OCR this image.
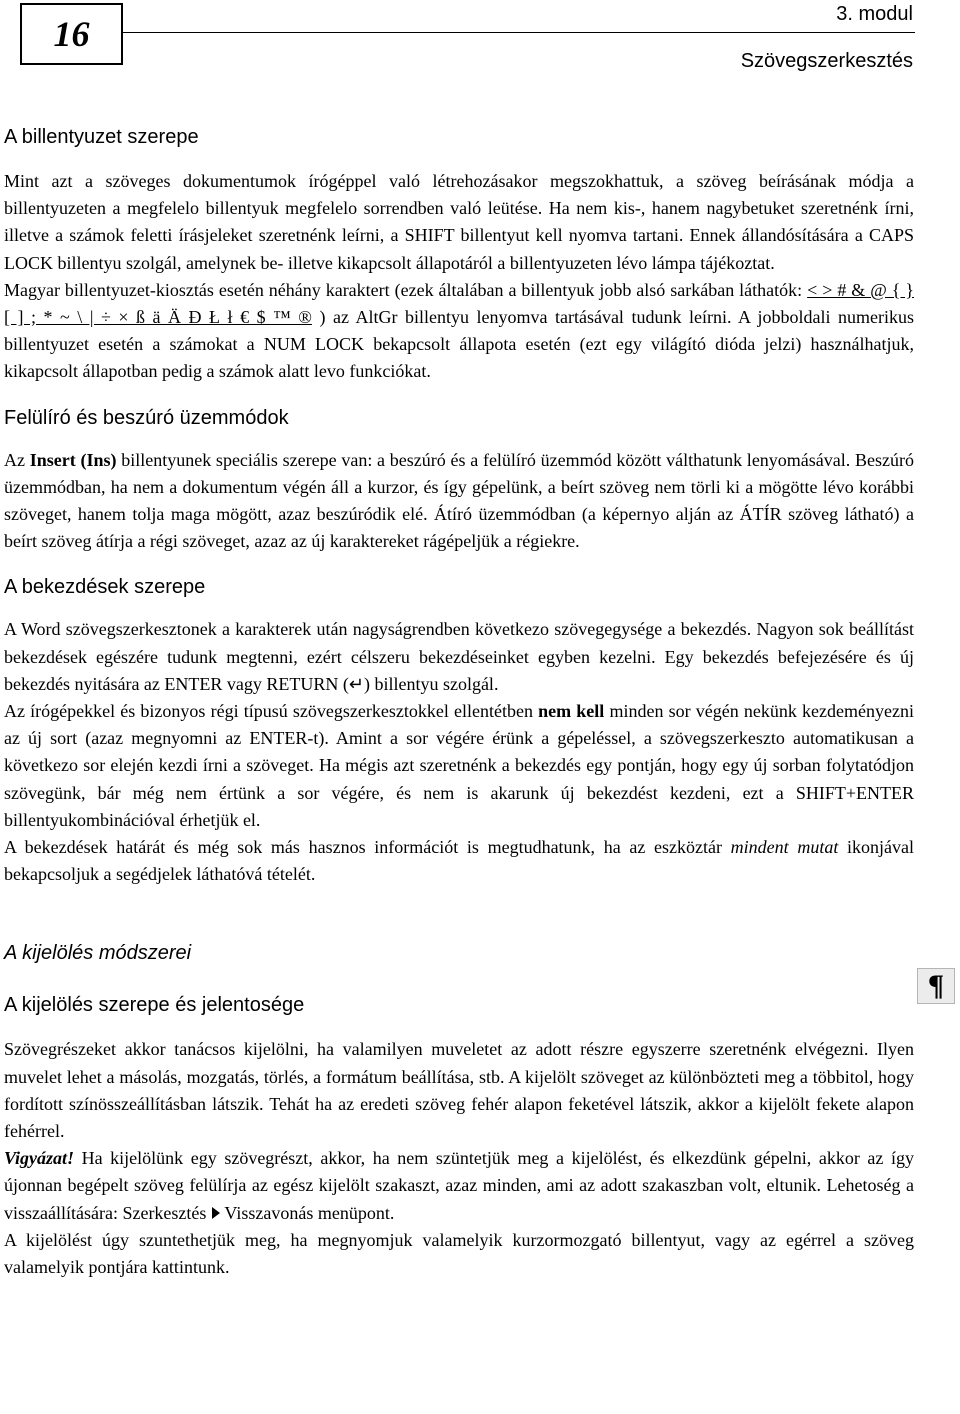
16	3. modul
Szövegszerkesztés
A billentyuzet szerepe

Mint azt a szöveges dokumentumok írógéppel való létrehozásakor megszokhattuk, a szöveg beírásának módja a billentyuzeten a megfelelo billentyuk megfelelo sorrendben való leütése. Ha nem kis-, hanem nagybetuket szeretnénk írni, illetve a számok feletti írásjeleket szeretnénk leírni, a SHIFT billentyut kell nyomva tartani. Ennek állandósítására a CAPS LOCK billentyu szolgál, amelynek be- illetve kikapcsolt állapotáról a billentyuzeten lévo lámpa tájékoztat.

Magyar billentyuzet-kiosztás esetén néhány karaktert (ezek általában a billentyuk jobb alsó sarkában láthatók: < > # & @ { } [ ] ; * ~ \ | ÷ × ß ä Ä Đ Ł ł € $ ™ ® ) az AltGr billentyu lenyomva tartásával tudunk leírni. A jobboldali numerikus billentyuzet esetén a számokat a NUM LOCK bekapcsolt állapota esetén (ezt egy világító dióda jelzi) használhatjuk, kikapcsolt állapotban pedig a számok alatt levo funkciókat.

Felülíró és beszúró üzemmódok

Az Insert (Ins) billentyunek speciális szerepe van: a beszúró és a felülíró üzemmód között válthatunk lenyomásával. Beszúró üzemmódban, ha nem a dokumentum végén áll a kurzor, és így gépelünk, a beírt szöveg nem törli ki a mögötte lévo korábbi szöveget, hanem tolja maga mögött, azaz beszúródik elé. Átíró üzemmódban (a képernyo alján az ÁTÍR szöveg látható) a beírt szöveg átírja a régi szöveget, azaz az új karaktereket rágépeljük a régiekre.

A bekezdések szerepe

A Word szövegszerkesztonek a karakterek után nagyságrendben következo szövegegysége a bekezdés. Nagyon sok beállítást bekezdések egészére tudunk megtenni, ezért célszeru bekezdéseinket egyben kezelni. Egy bekezdés befejezésére és új bekezdés nyitására az ENTER vagy RETURN (↵) billentyu szolgál.

Az írógépekkel és bizonyos régi típusú szövegszerkesztokkel ellentétben nem kell minden sor végén nekünk kezdeményezni az új sort (azaz megnyomni az ENTER-t). Amint a sor végére érünk a gépeléssel, a szövegszerkeszto automatikusan a következo sor elején kezdi írni a szöveget. Ha mégis azt szeretnénk a bekezdés egy pontján, hogy egy új sorban folytatódjon szövegünk, bár még nem értünk a sor végére, és nem is akarunk új bekezdést kezdeni, ezt a SHIFT+ENTER billentyukombinációval érhetjük el.

A bekezdések határát és még sok más hasznos információt is megtudhatunk, ha az eszköztár mindent mutat ikonjával bekapcsoljuk a segédjelek láthatóvá tételét.

A kijelölés módszerei
A kijelölés szerepe és jelentosége

Szövegrészeket akkor tanácsos kijelölni, ha valamilyen muveletet az adott részre egyszerre szeretnénk elvégezni. Ilyen muvelet lehet a másolás, mozgatás, törlés, a formátum beállítása, stb. A kijelölt szöveget az különbözteti meg a többitol, hogy fordított színösszeállításban látszik. Tehát ha az eredeti szöveg fehér alapon feketével látszik, akkor a kijelölt fekete alapon fehérrel.

Vigyázat! Ha kijelölünk egy szövegrészt, akkor, ha nem szüntetjük meg a kijelölést, és elkezdünk gépelni, akkor az így újonnan begépelt szöveg felülírja az egész kijelölt szakaszt, azaz minden, ami az adott szakaszban volt, eltunik. Lehetoség a visszaállítására: Szerkesztés Visszavonás menüpont.

A kijelölést úgy szuntethetjük meg, ha megnyomjuk valamelyik kurzormozgató billentyut, vagy az egérrel a szöveg valamelyik pontjára kattintunk.

¶
